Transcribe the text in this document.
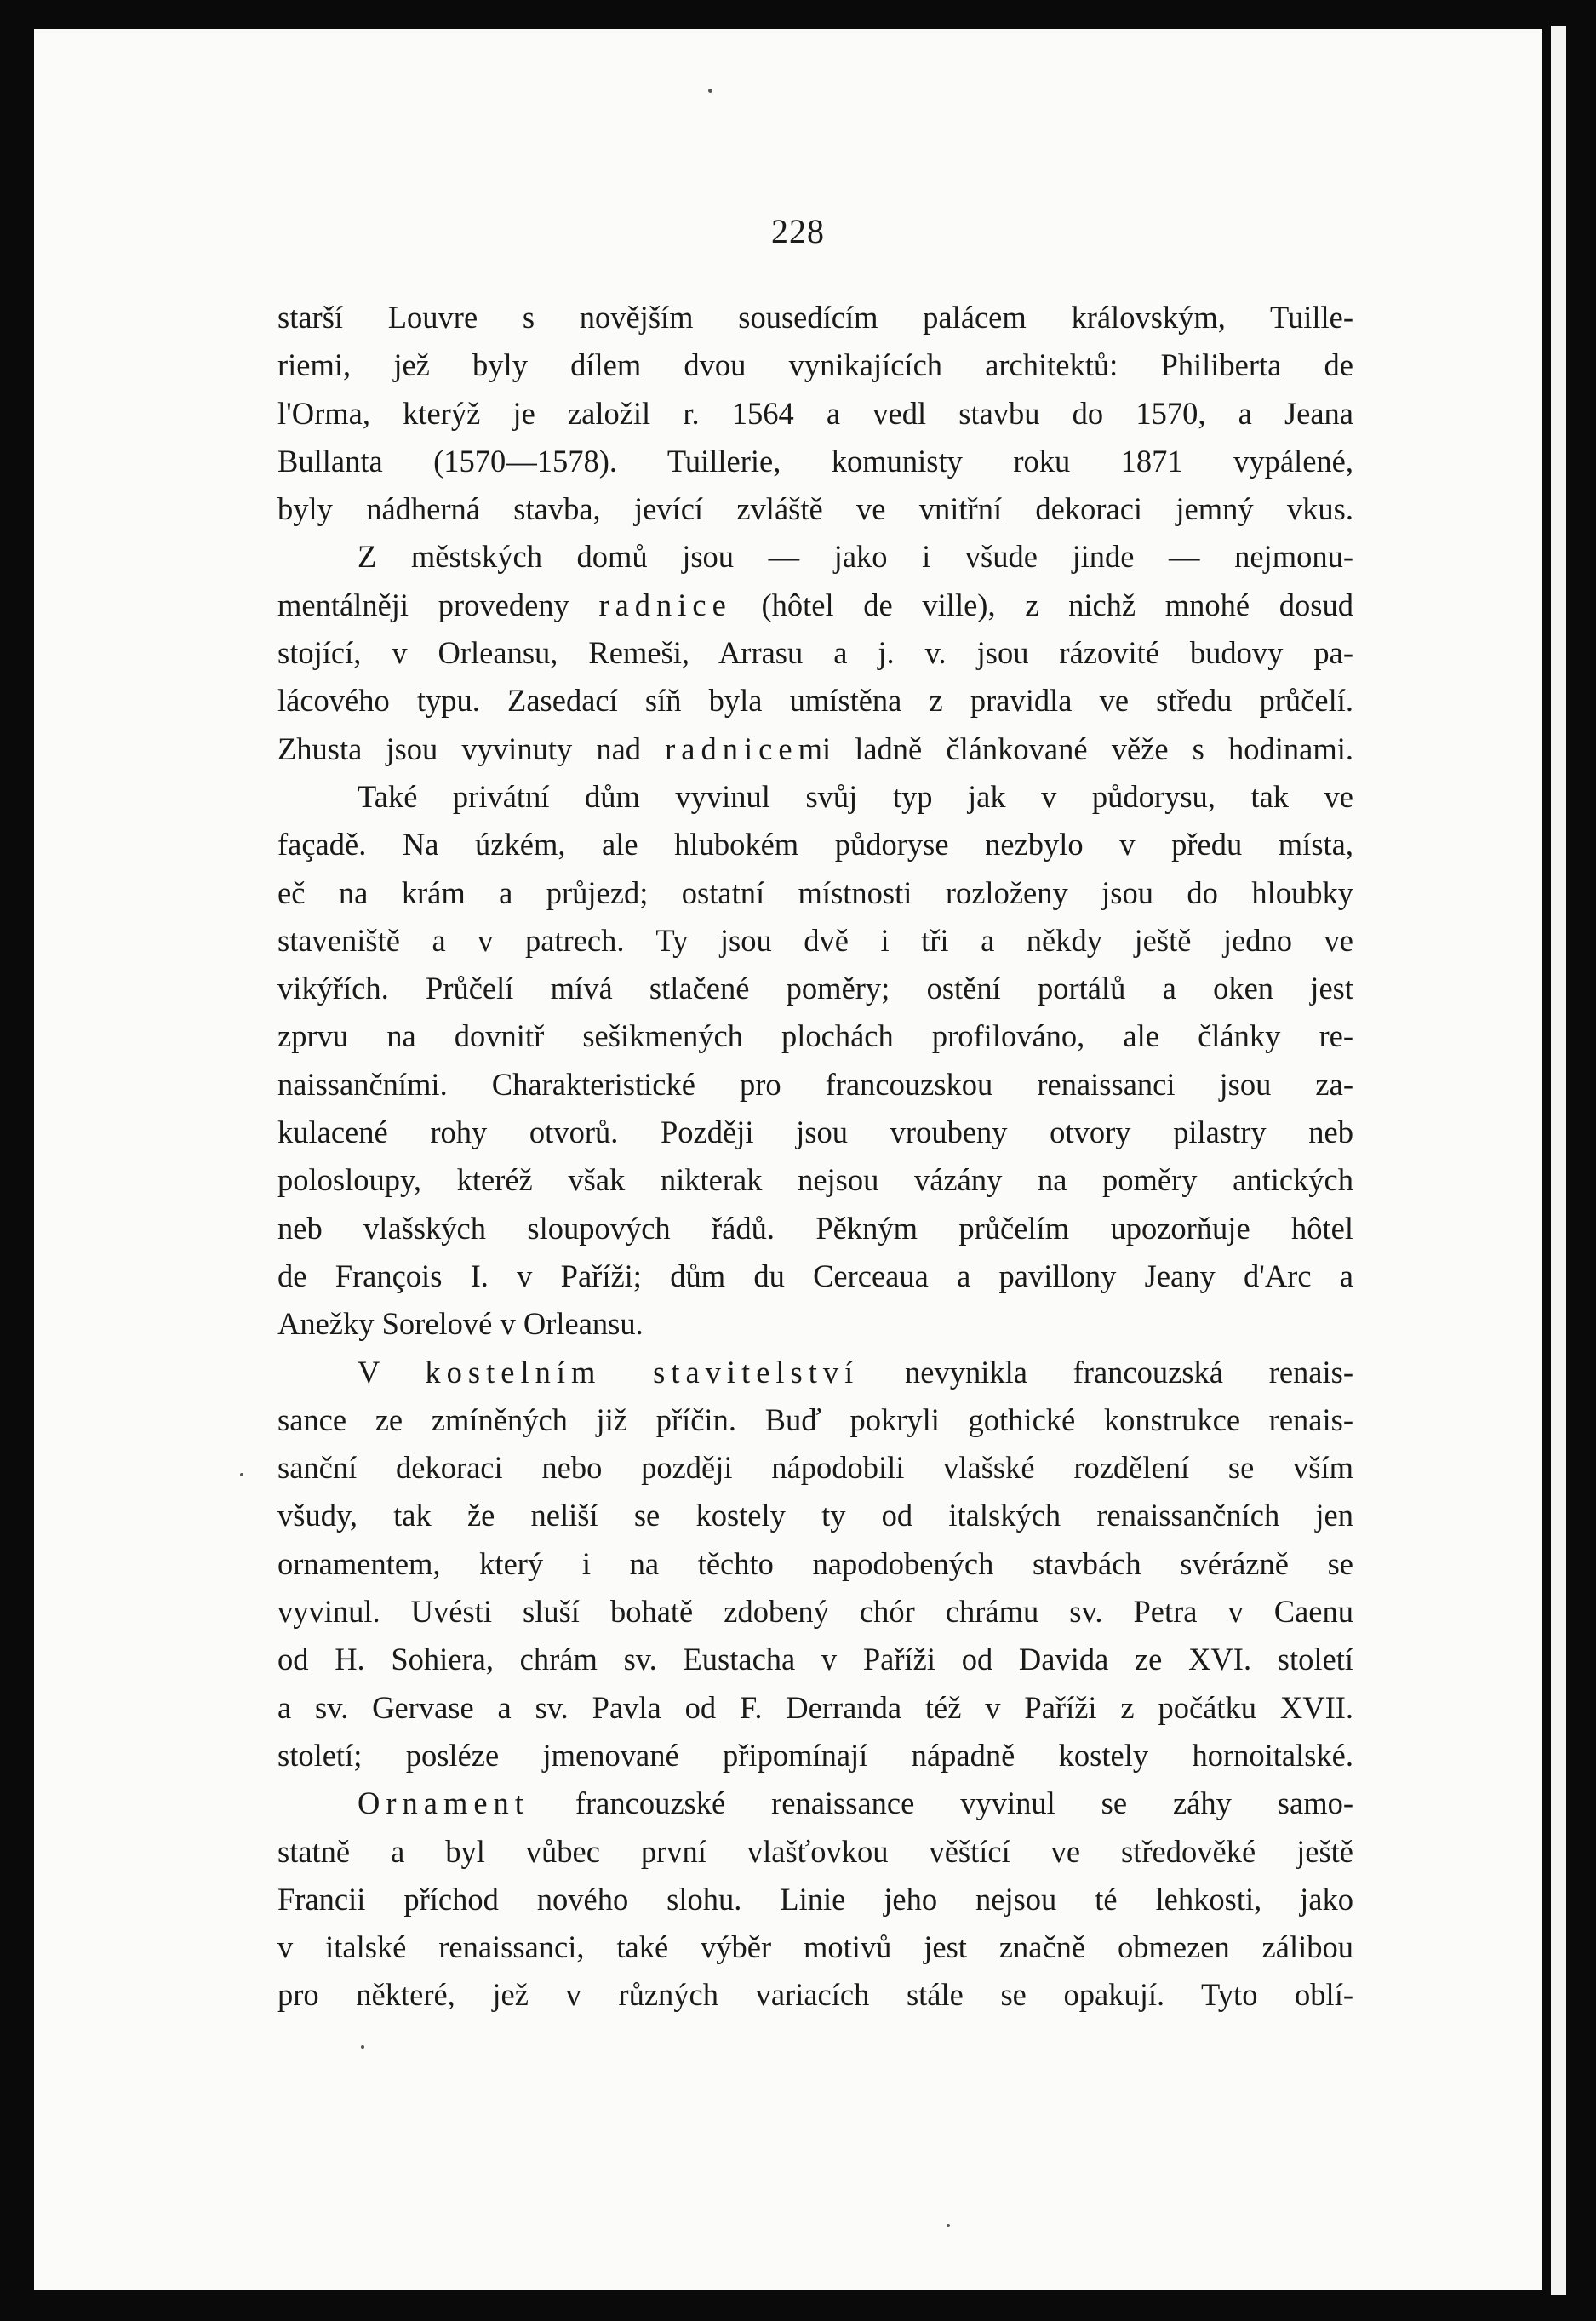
228
starší Louvre s novějším sousedícím palácem královským, Tuille-
riemi, jež byly dílem dvou vynikajících architektů: Philiberta de
l'Orma, kterýž je založil r. 1564 a vedl stavbu do 1570, a Jeana
Bullanta (1570—1578). Tuillerie, komunisty roku 1871 vypálené,
byly nádherná stavba, jevící zvláště ve vnitřní dekoraci jemný vkus.
Z městských domů jsou — jako i všude jinde — nejmonu-
mentálněji provedeny radnice (hôtel de ville), z nichž mnohé dosud
stojící, v Orleansu, Remeši, Arrasu a j. v. jsou rázovité budovy pa-
lácového typu. Zasedací síň byla umístěna z pravidla ve středu průčelí.
Zhusta jsou vyvinuty nad radnicemi ladně článkované věže s hodinami.
Také privátní dům vyvinul svůj typ jak v půdorysu, tak ve
façadě. Na úzkém, ale hlubokém půdoryse nezbylo v předu místa,
eč na krám a průjezd; ostatní místnosti rozloženy jsou do hloubky
staveniště a v patrech. Ty jsou dvě i tři a někdy ještě jedno ve
vikýřích. Průčelí mívá stlačené poměry; ostění portálů a oken jest
zprvu na dovnitř sešikmených plochách profilováno, ale články re-
naissančními. Charakteristické pro francouzskou renaissanci jsou za-
kulacené rohy otvorů. Později jsou vroubeny otvory pilastry neb
polosloupy, kteréž však nikterak nejsou vázány na poměry antických
neb vlašských sloupových řádů. Pěkným průčelím upozorňuje hôtel
de François I. v Paříži; dům du Cerceaua a pavillony Jeany d'Arc a
Anežky Sorelové v Orleansu.
V kostelním stavitelství nevynikla francouzská renais-
sance ze zmíněných již příčin. Buď pokryli gothické konstrukce renais-
sanční dekoraci nebo později nápodobili vlašské rozdělení se vším
všudy, tak že neliší se kostely ty od italských renaissančních jen
ornamentem, který i na těchto napodobených stavbách svérázně se
vyvinul. Uvésti sluší bohatě zdobený chór chrámu sv. Petra v Caenu
od H. Sohiera, chrám sv. Eustacha v Paříži od Davida ze XVI. století
a sv. Gervase a sv. Pavla od F. Derranda též v Paříži z počátku XVII.
století; posléze jmenované připomínají nápadně kostely hornoitalské.
Ornament francouzské renaissance vyvinul se záhy samo-
statně a byl vůbec první vlašťovkou věštící ve středověké ještě
Francii příchod nového slohu. Linie jeho nejsou té lehkosti, jako
v italské renaissanci, také výběr motivů jest značně obmezen zálibou
pro některé, jež v různých variacích stále se opakují. Tyto oblí-
